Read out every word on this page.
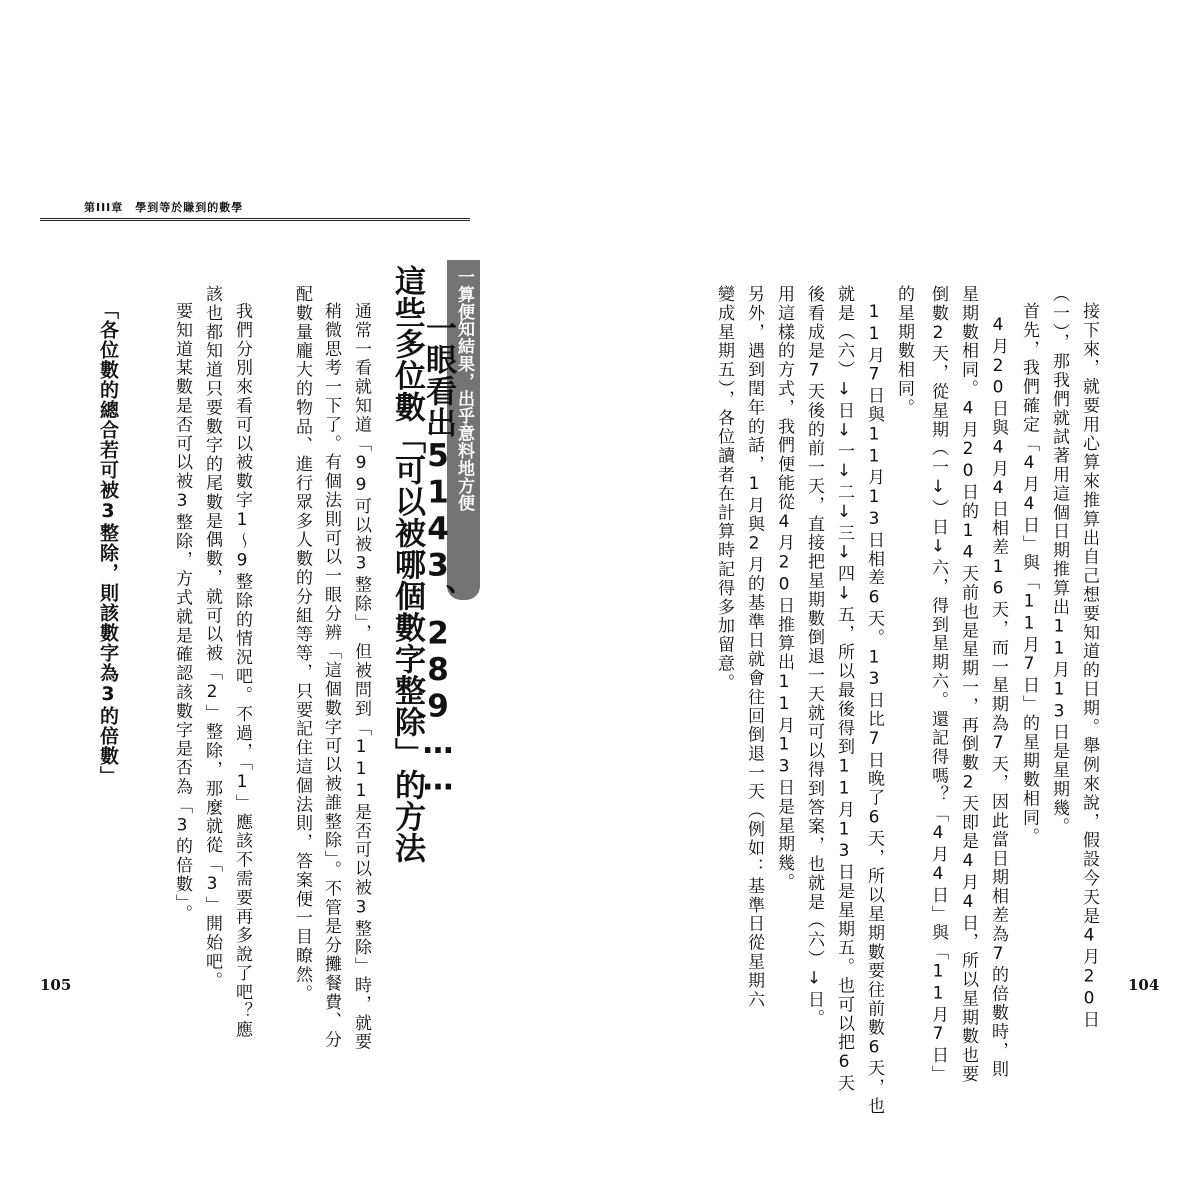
第III章 學到等於賺到的數學
一算便知結果，出乎意料地方便
這些多位數「可以被哪個數字整除」的方法
一眼看出5143、289……
通常一看就知道「99可以被3整除」，但被問到「111是否可以被3整除」時，就要
稍微思考一下了。有個法則可以一眼分辨「這個數字可以被誰整除」。不管是分攤餐費、分
配數量龐大的物品、進行眾多人數的分組等等，只要記住這個法則，答案便一目瞭然。
我們分別來看可以被數字1～9整除的情況吧。不過，「1」應該不需要再多說了吧？應
該也都知道只要數字的尾數是偶數，就可以被「2」整除，那麼就從「3」開始吧。
要知道某數是否可以被3整除，方式就是確認該數字是否為「3的倍數」。
「各位數的總合若可被3整除，則該數字為3的倍數」
105	接下來，就要用心算來推算出自己想要知道的日期。舉例來說，假設今天是4月20日
（一），那我們就試著用這個日期推算出11月13日是星期幾。
首先，我們確定「4月4日」與「11月7日」的星期數相同。
4月20日與4月4日相差16天，而一星期為7天，因此當日期相差為7的倍數時，則
星期數相同。4月20日的14天前也是星期一，再倒數2天即是4月4日，所以星期數也要
倒數2天，從星期（一↓）日↓六，得到星期六。還記得嗎？「4月4日」與「11月7日」
的星期數相同。
11月7日與11月13日相差6天。13日比7日晚了6天，所以星期數要往前數6天，也
就是（六）↓日↓一↓二↓三↓四↓五，所以最後得到11月13日是星期五。也可以把6天
後看成是7天後的前一天，直接把星期數倒退一天就可以得到答案，也就是（六）↓日。
用這樣的方式，我們便能從4月20日推算出11月13日是星期幾。
另外，遇到閏年的話，1月與2月的基準日就會往回倒退一天（例如：基準日從星期六
變成星期五），各位讀者在計算時記得多加留意。
104
